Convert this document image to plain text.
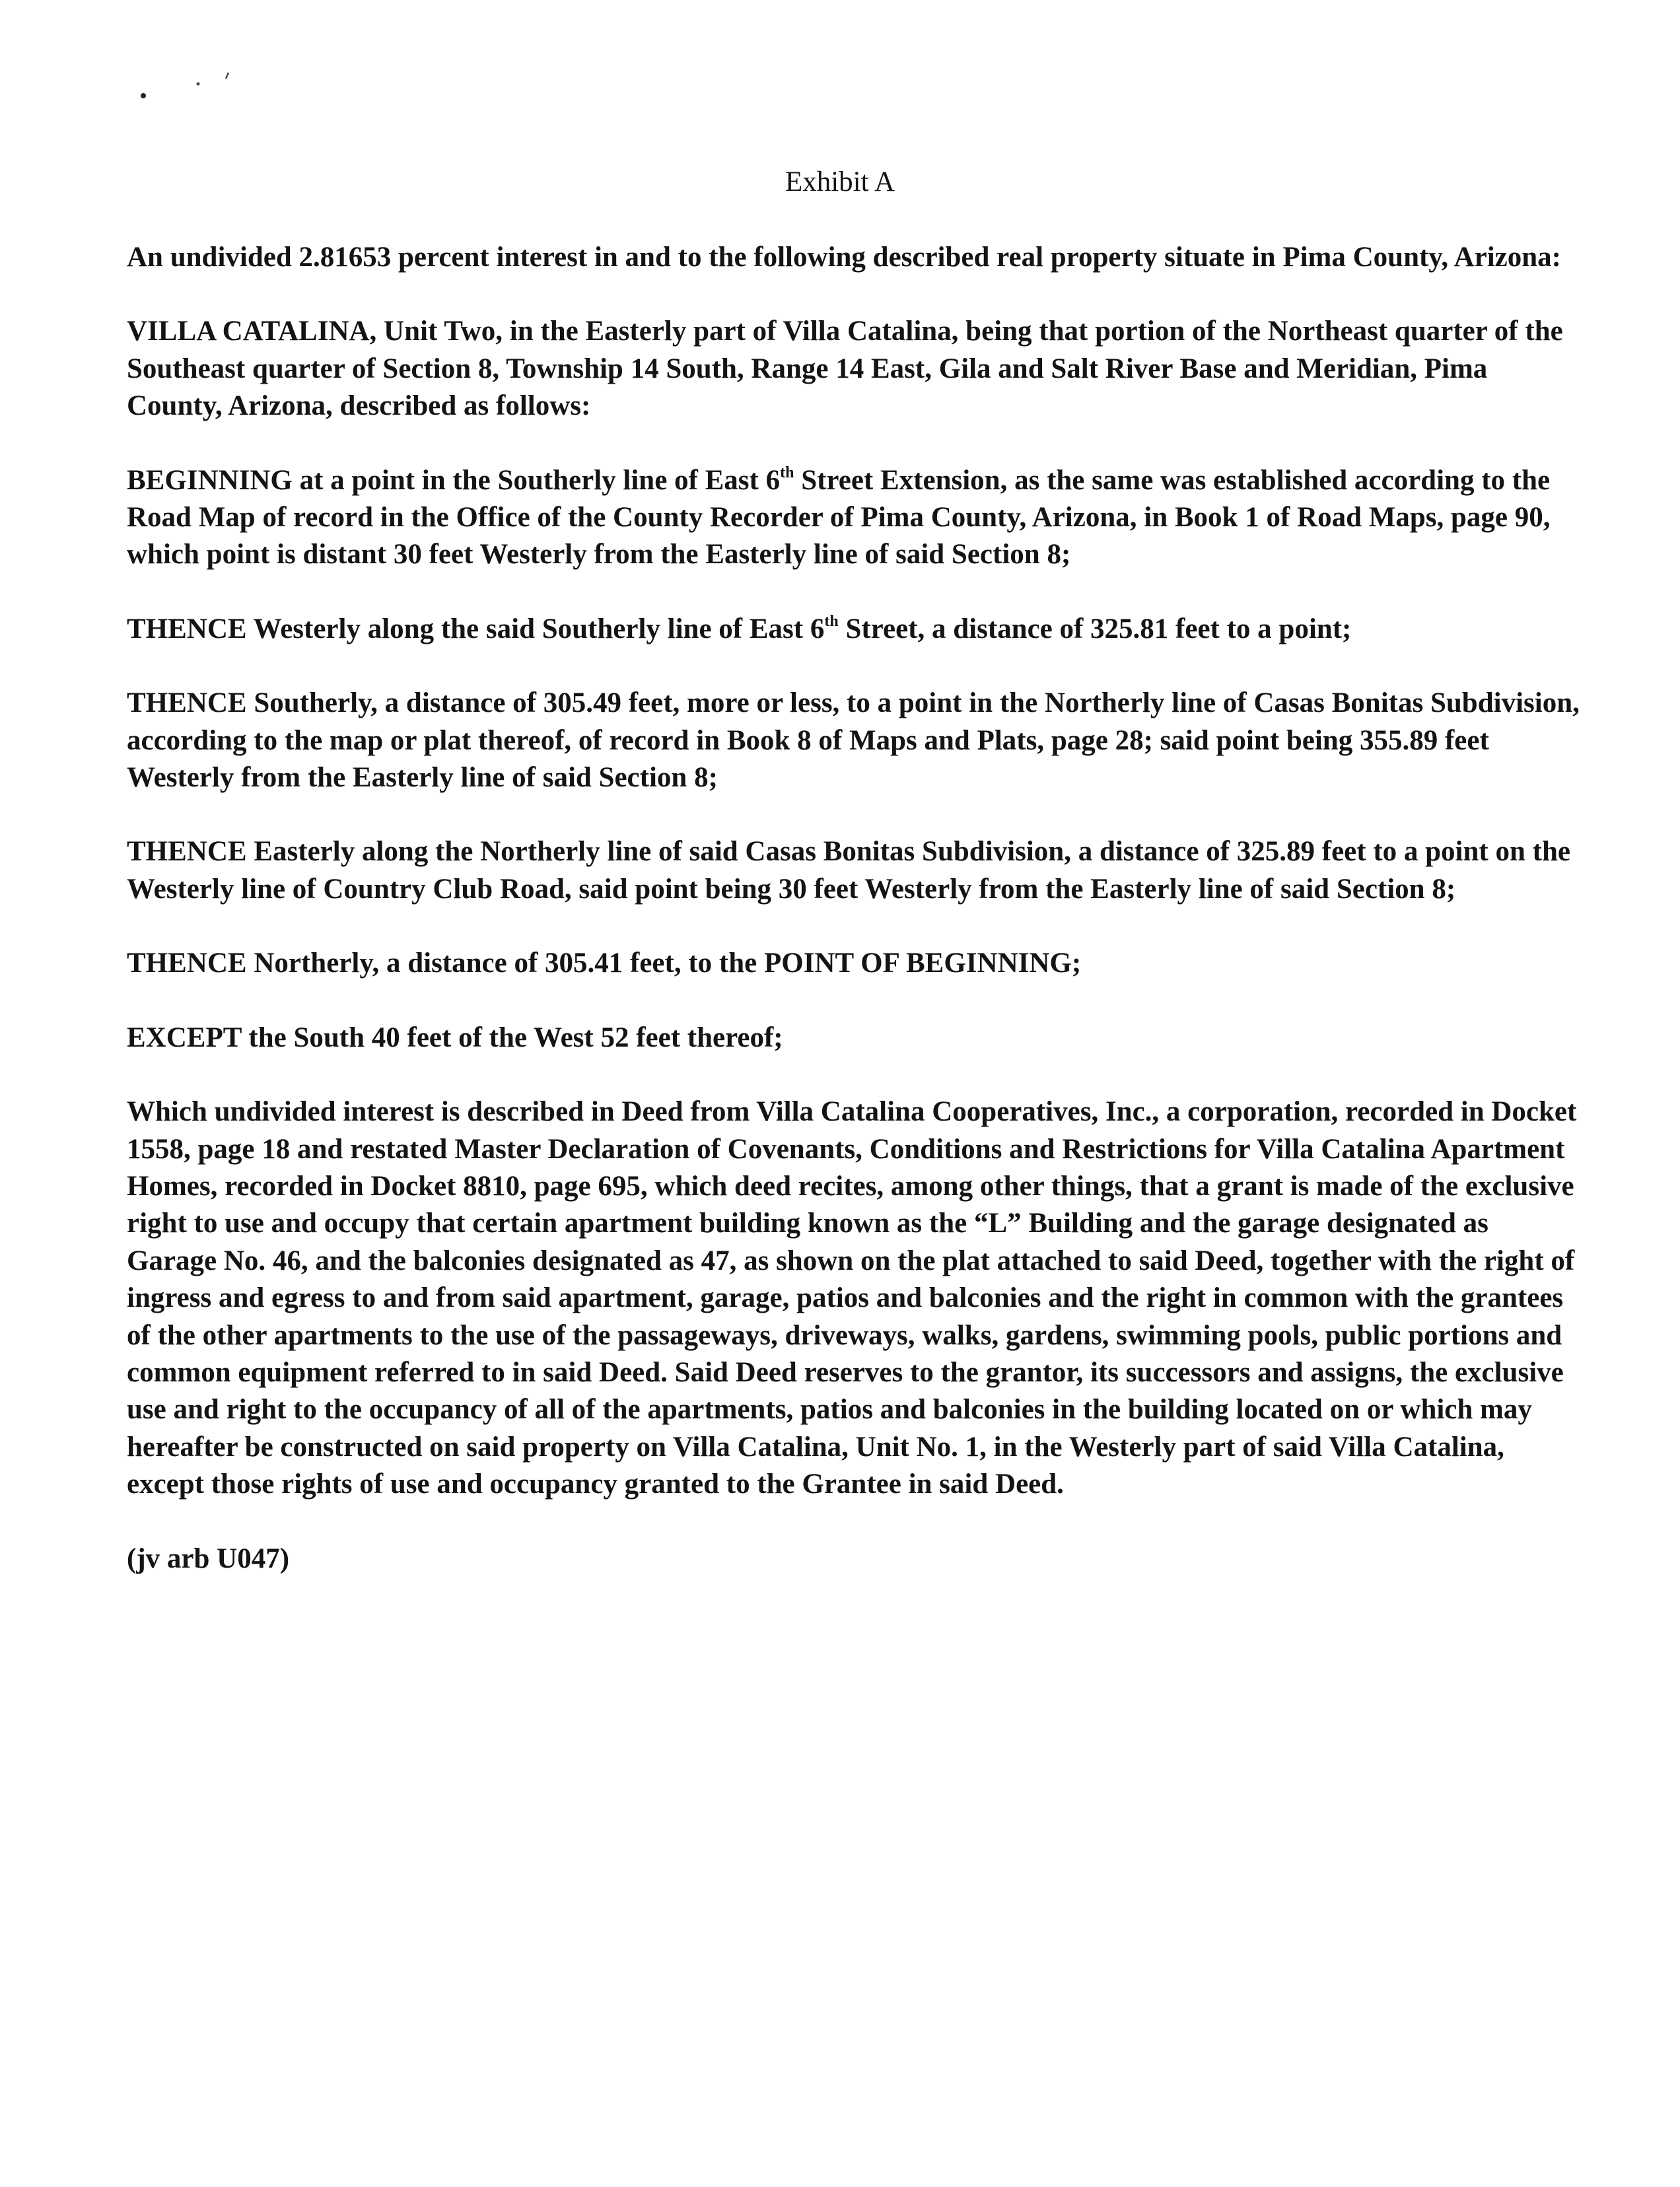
Exhibit A

An undivided 2.81653 percent interest in and to the following described real property situate in Pima County, Arizona:

VILLA CATALINA, Unit Two, in the Easterly part of Villa Catalina, being that portion of the Northeast quarter of the Southeast quarter of Section 8, Township 14 South, Range 14 East, Gila and Salt River Base and Meridian, Pima County, Arizona, described as follows:

BEGINNING at a point in the Southerly line of East 6th Street Extension, as the same was established according to the Road Map of record in the Office of the County Recorder of Pima County, Arizona, in Book 1 of Road Maps, page 90, which point is distant 30 feet Westerly from the Easterly line of said Section 8;

THENCE Westerly along the said Southerly line of East 6th Street, a distance of 325.81 feet to a point;

THENCE Southerly, a distance of 305.49 feet, more or less, to a point in the Northerly line of Casas Bonitas Subdivision, according to the map or plat thereof, of record in Book 8 of Maps and Plats, page 28; said point being 355.89 feet Westerly from the Easterly line of said Section 8;

THENCE Easterly along the Northerly line of said Casas Bonitas Subdivision, a distance of 325.89 feet to a point on the Westerly line of Country Club Road, said point being 30 feet Westerly from the Easterly line of said Section 8;

THENCE Northerly, a distance of 305.41 feet, to the POINT OF BEGINNING;

EXCEPT the South 40 feet of the West 52 feet thereof;

Which undivided interest is described in Deed from Villa Catalina Cooperatives, Inc., a corporation, recorded in Docket 1558, page 18 and restated Master Declaration of Covenants, Conditions and Restrictions for Villa Catalina Apartment Homes, recorded in Docket 8810, page 695, which deed recites, among other things, that a grant is made of the exclusive right to use and occupy that certain apartment building known as the “L” Building and the garage designated as Garage No. 46, and the balconies designated as 47, as shown on the plat attached to said Deed, together with the right of ingress and egress to and from said apartment, garage, patios and balconies and the right in common with the grantees of the other apartments to the use of the passageways, driveways, walks, gardens, swimming pools, public portions and common equipment referred to in said Deed. Said Deed reserves to the grantor, its successors and assigns, the exclusive use and right to the occupancy of all of the apartments, patios and balconies in the building located on or which may hereafter be constructed on said property on Villa Catalina, Unit No. 1, in the Westerly part of said Villa Catalina, except those rights of use and occupancy granted to the Grantee in said Deed.

(jv arb U047)
